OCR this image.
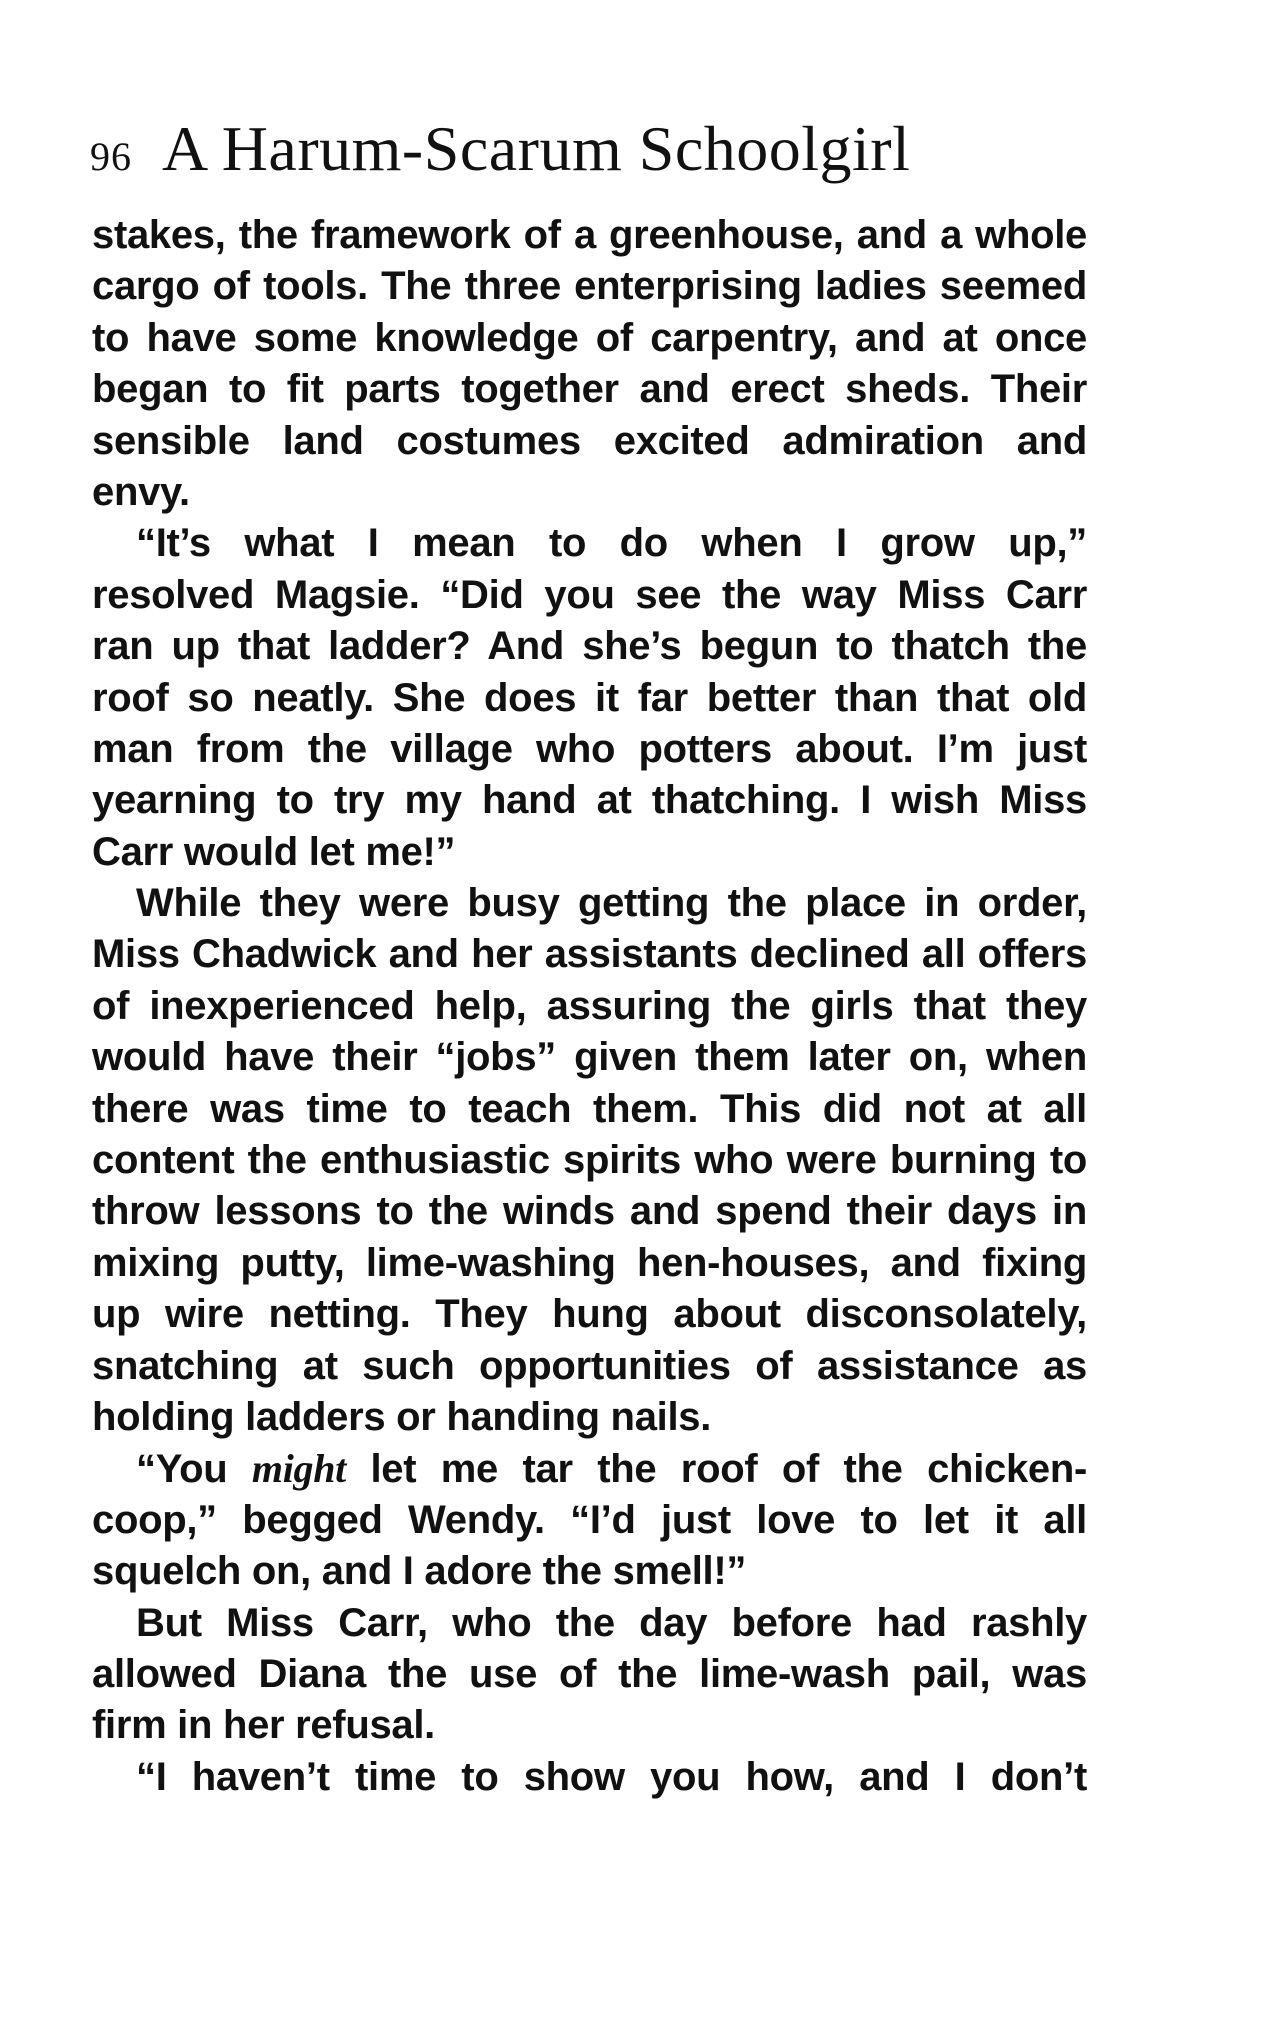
96 A Harum-Scarum Schoolgirl
stakes, the framework of a greenhouse, and a whole
cargo of tools. The three enterprising ladies seemed
to have some knowledge of carpentry, and at once
began to fit parts together and erect sheds. Their
sensible land costumes excited admiration and
envy.
“It’s what I mean to do when I grow up,”
resolved Magsie. “Did you see the way Miss Carr
ran up that ladder? And she’s begun to thatch the
roof so neatly. She does it far better than that old
man from the village who potters about. I’m just
yearning to try my hand at thatching. I wish Miss
Carr would let me!”
While they were busy getting the place in order,
Miss Chadwick and her assistants declined all offers
of inexperienced help, assuring the girls that they
would have their “jobs” given them later on, when
there was time to teach them. This did not at all
content the enthusiastic spirits who were burning to
throw lessons to the winds and spend their days in
mixing putty, lime-washing hen-houses, and fixing
up wire netting. They hung about disconsolately,
snatching at such opportunities of assistance as
holding ladders or handing nails.
“You might let me tar the roof of the chicken-
coop,” begged Wendy. “I’d just love to let it all
squelch on, and I adore the smell!”
But Miss Carr, who the day before had rashly
allowed Diana the use of the lime-wash pail, was
firm in her refusal.
“I haven’t time to show you how, and I don’t
